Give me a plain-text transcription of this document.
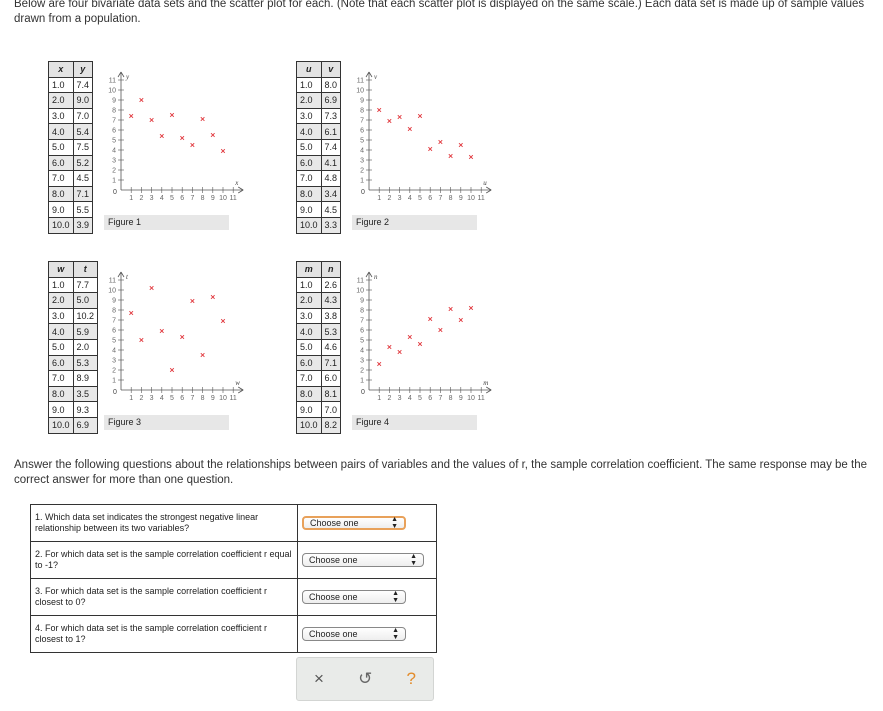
Below are four bivariate data sets and the scatter plot for each. (Note that each scatter plot is displayed on the same scale.) Each data set is made up of sample values drawn from a population.
x	y
1.0	7.4
2.0	9.0
3.0	7.0
4.0	5.4
5.0	7.5
6.0	5.2
7.0	4.5
8.0	7.1
9.0	5.5
10.0	3.9
0
1
1
2
2
3
3
4
4
5
5
6
6
7
7
8
8
9
9
10
10
11
11
x
y
Figure 1
u	v
1.0	8.0
2.0	6.9
3.0	7.3
4.0	6.1
5.0	7.4
6.0	4.1
7.0	4.8
8.0	3.4
9.0	4.5
10.0	3.3
0
1
1
2
2
3
3
4
4
5
5
6
6
7
7
8
8
9
9
10
10
11
11
u
v
Figure 2
w	t
1.0	7.7
2.0	5.0
3.0	10.2
4.0	5.9
5.0	2.0
6.0	5.3
7.0	8.9
8.0	3.5
9.0	9.3
10.0	6.9
0
1
1
2
2
3
3
4
4
5
5
6
6
7
7
8
8
9
9
10
10
11
11
w
t
Figure 3
m	n
1.0	2.6
2.0	4.3
3.0	3.8
4.0	5.3
5.0	4.6
6.0	7.1
7.0	6.0
8.0	8.1
9.0	7.0
10.0	8.2
0
1
1
2
2
3
3
4
4
5
5
6
6
7
7
8
8
9
9
10
10
11
11
m
n
Figure 4
Answer the following questions about the relationships between pairs of variables and the values of r, the sample correlation coefficient. The same response may be the correct answer for more than one question.
1. Which data set indicates the strongest negative linear relationship between its two variables?	Choose one ▲
▼

2. For which data set is the sample correlation coefficient r equal to -1?	Choose one ▲
▼

3. For which data set is the sample correlation coefficient r closest to 0?	Choose one ▲
▼

4. For which data set is the sample correlation coefficient r closest to 1?	Choose one ▲
▼
× ↺ ?
